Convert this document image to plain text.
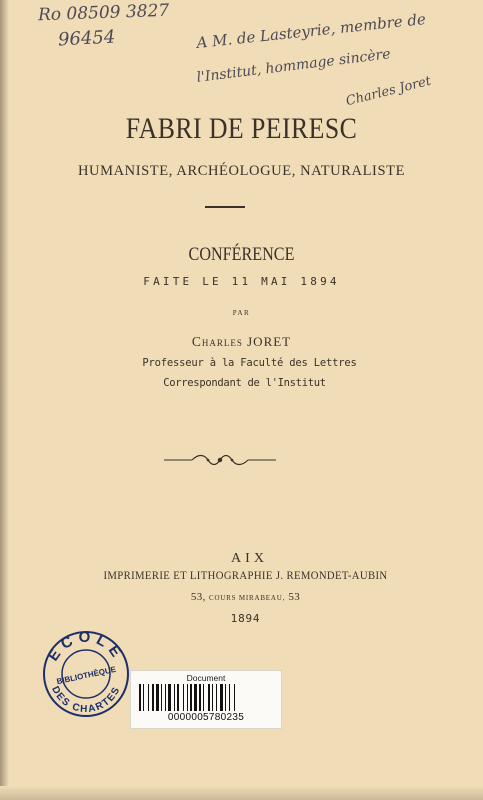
Ro 08509 3827
96454	A M. de Lasteyrie, membre de
l'Institut, hommage sincère
Charles Joret
FABRI DE PEIRESC
HUMANISTE, ARCHÉOLOGUE, NATURALISTE
CONFÉRENCE
FAITE LE 11 MAI 1894
PAR
Charles JORET
Professeur à la Faculté des Lettres
Correspondant de l'Institut
AIX
IMPRIMERIE ET LITHOGRAPHIE J. REMONDET-AUBIN
53, COURS MIRABEAU, 53
1894
ECOLE
DES CHARTES
BIBLIOTHÈQUE	Document
0000005780235
